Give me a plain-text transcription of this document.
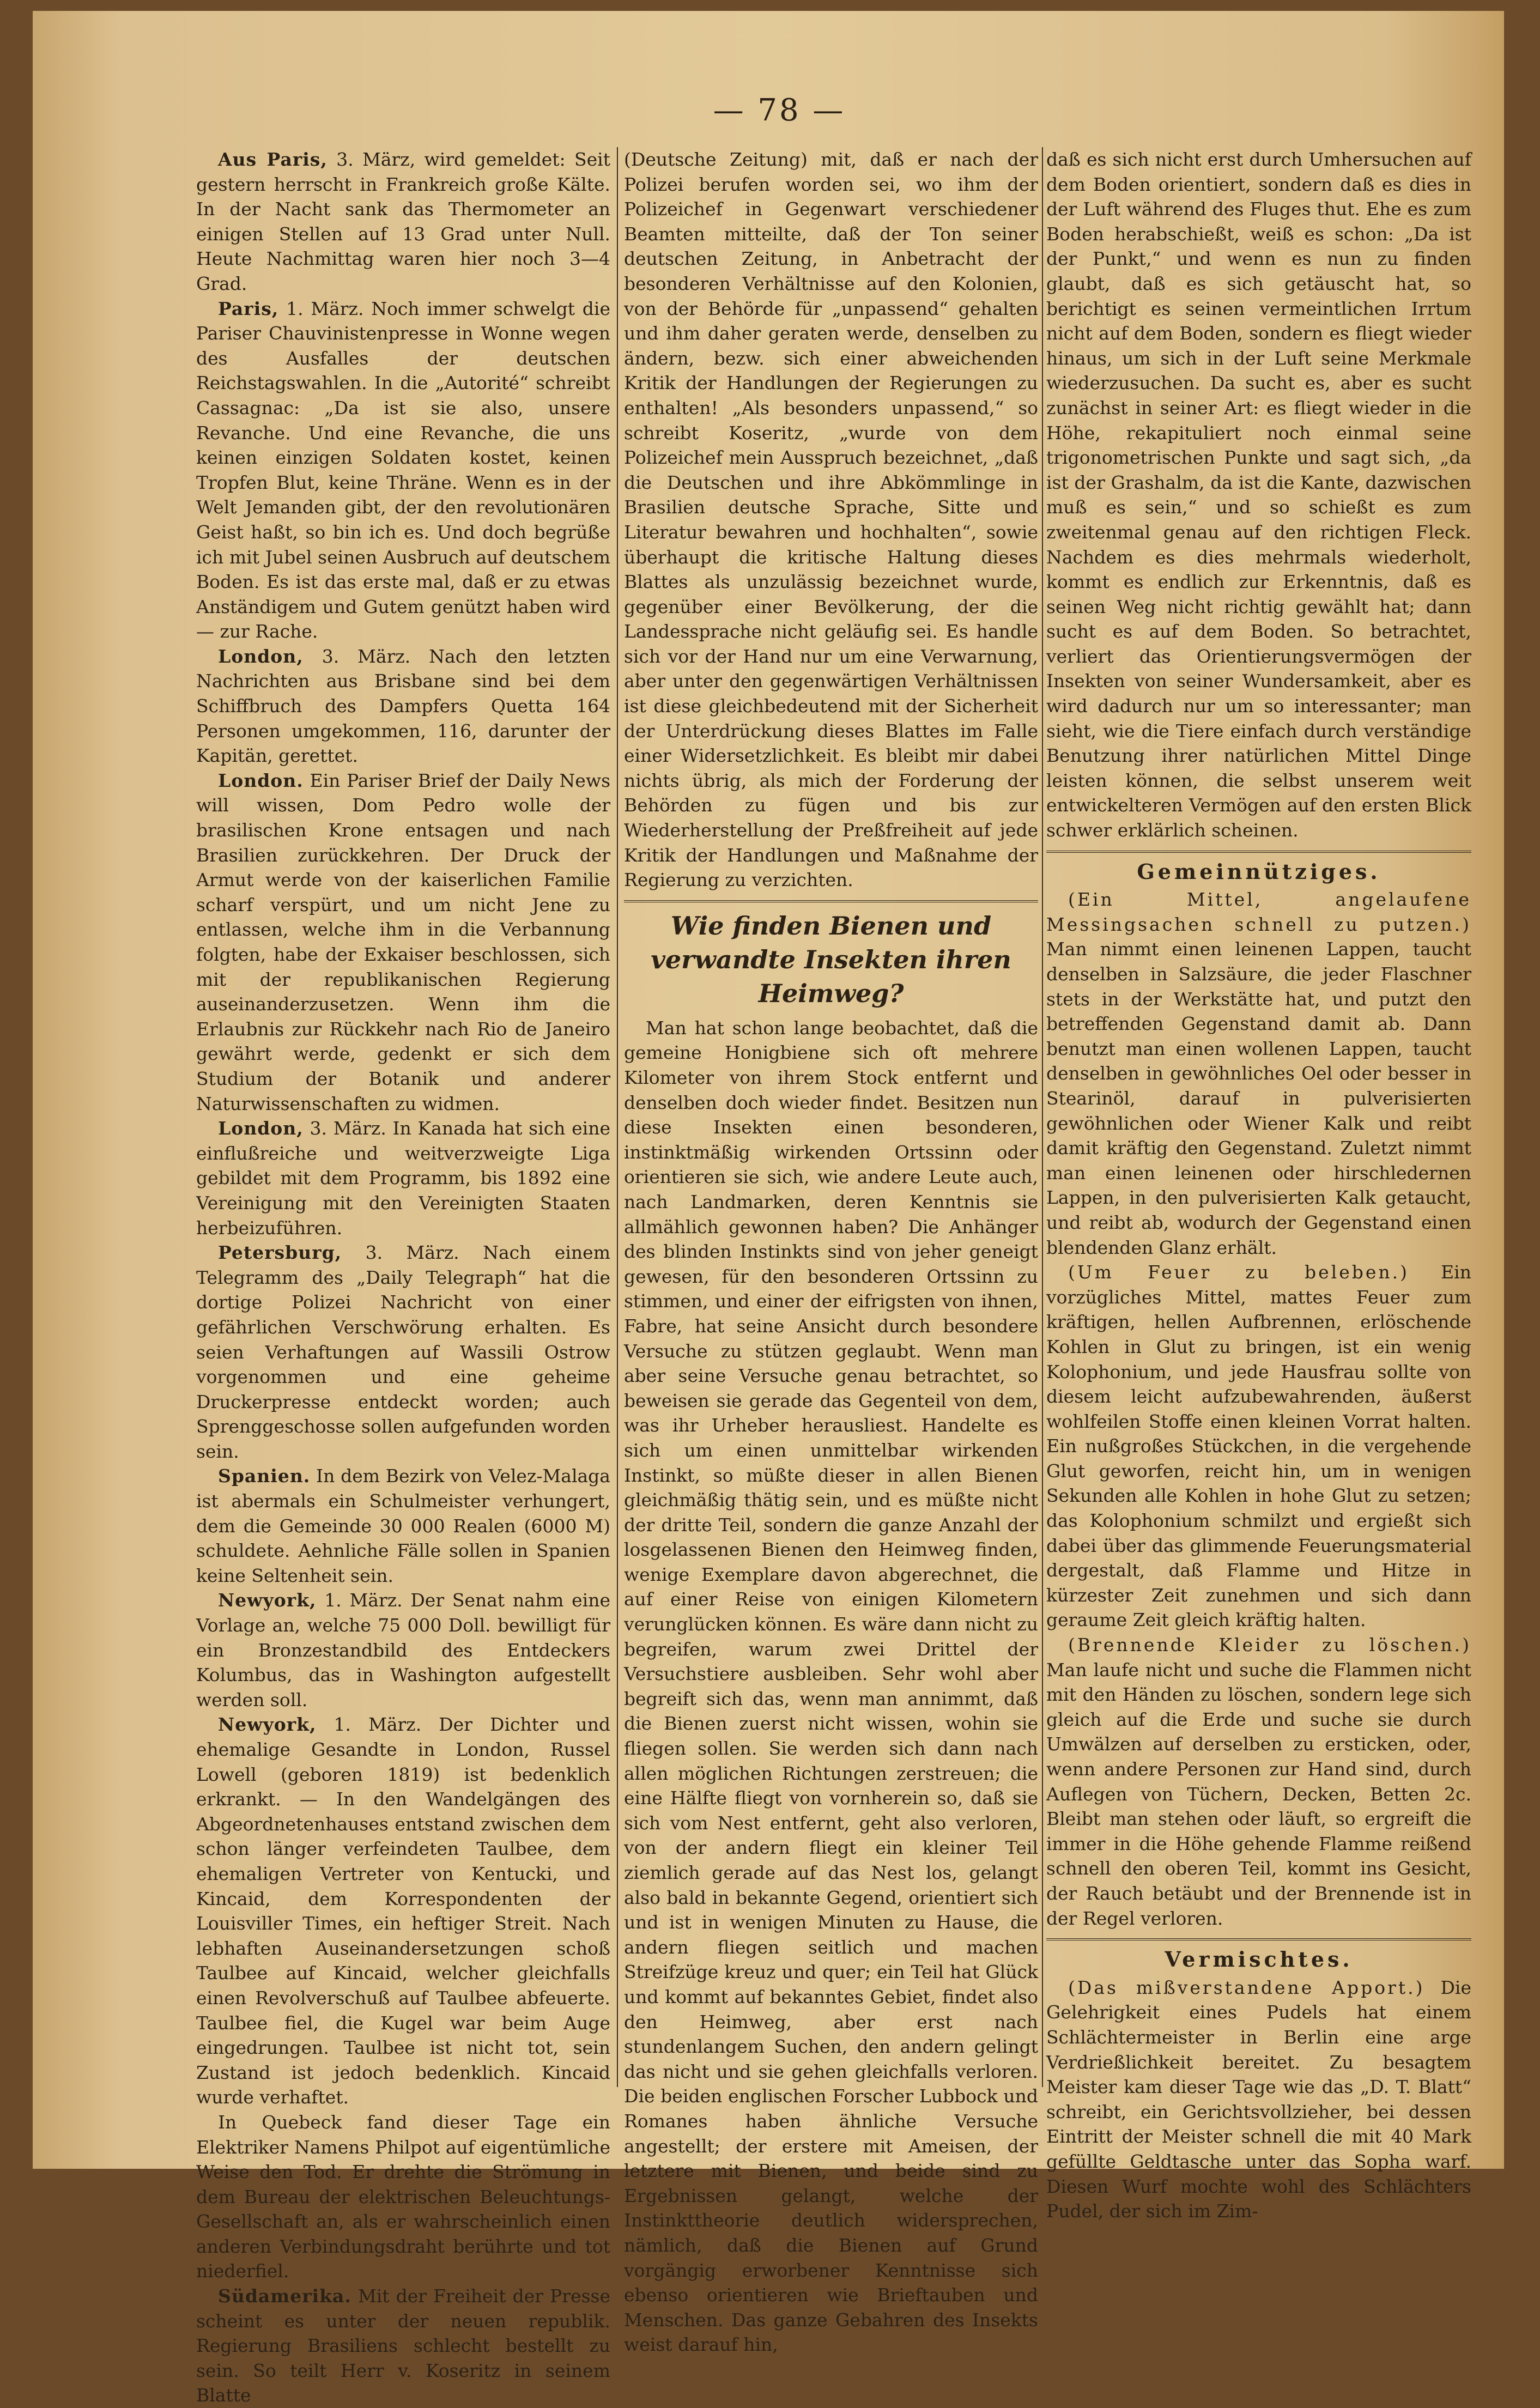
— 78 —

Aus Paris, 3. März, wird gemeldet: Seit gestern herrscht in Frankreich große Kälte. In der Nacht sank das Thermometer an einigen Stellen auf 13 Grad unter Null. Heute Nachmittag waren hier noch 3—4 Grad.

Paris, 1. März. Noch immer schwelgt die Pariser Chauvinistenpresse in Wonne wegen des Ausfalles der deutschen Reichstagswahlen. In die „Autorité“ schreibt Cassagnac: „Da ist sie also, unsere Revanche. Und eine Revanche, die uns keinen einzigen Soldaten kostet, keinen Tropfen Blut, keine Thräne. Wenn es in der Welt Jemanden gibt, der den revolutionären Geist haßt, so bin ich es. Und doch begrüße ich mit Jubel seinen Ausbruch auf deutschem Boden. Es ist das erste mal, daß er zu etwas Anständigem und Gutem genützt haben wird — zur Rache.

London, 3. März. Nach den letzten Nachrichten aus Brisbane sind bei dem Schiffbruch des Dampfers Quetta 164 Personen umgekommen, 116, darunter der Kapitän, gerettet.

London. Ein Pariser Brief der Daily News will wissen, Dom Pedro wolle der brasilischen Krone entsagen und nach Brasilien zurückkehren. Der Druck der Armut werde von der kaiserlichen Familie scharf verspürt, und um nicht Jene zu entlassen, welche ihm in die Verbannung folgten, habe der Exkaiser beschlossen, sich mit der republikanischen Regierung auseinanderzusetzen. Wenn ihm die Erlaubnis zur Rückkehr nach Rio de Janeiro gewährt werde, gedenkt er sich dem Studium der Botanik und anderer Naturwissenschaften zu widmen.

London, 3. März. In Kanada hat sich eine einflußreiche und weitverzweigte Liga gebildet mit dem Programm, bis 1892 eine Vereinigung mit den Vereinigten Staaten herbeizuführen.

Petersburg, 3. März. Nach einem Telegramm des „Daily Telegraph“ hat die dortige Polizei Nachricht von einer gefährlichen Verschwörung erhalten. Es seien Verhaftungen auf Wassili Ostrow vorgenommen und eine geheime Druckerpresse entdeckt worden; auch Sprenggeschosse sollen aufgefunden worden sein.

Spanien. In dem Bezirk von Velez-Malaga ist abermals ein Schulmeister verhungert, dem die Gemeinde 30 000 Realen (6000 M) schuldete. Aehnliche Fälle sollen in Spanien keine Seltenheit sein.

Newyork, 1. März. Der Senat nahm eine Vorlage an, welche 75 000 Doll. bewilligt für ein Bronzestandbild des Entdeckers Kolumbus, das in Washington aufgestellt werden soll.

Newyork, 1. März. Der Dichter und ehemalige Gesandte in London, Russel Lowell (geboren 1819) ist bedenklich erkrankt. — In den Wandelgängen des Abgeordnetenhauses entstand zwischen dem schon länger verfeindeten Taulbee, dem ehemaligen Vertreter von Kentucki, und Kincaid, dem Korrespondenten der Louisviller Times, ein heftiger Streit. Nach lebhaften Auseinandersetzungen schoß Taulbee auf Kincaid, welcher gleichfalls einen Revolverschuß auf Taulbee abfeuerte. Taulbee fiel, die Kugel war beim Auge eingedrungen. Taulbee ist nicht tot, sein Zustand ist jedoch bedenklich. Kincaid wurde verhaftet.

In Quebeck fand dieser Tage ein Elektriker Namens Philpot auf eigentümliche Weise den Tod. Er drehte die Strömung in dem Bureau der elektrischen Beleuchtungs-Gesellschaft an, als er wahrscheinlich einen anderen Verbindungsdraht berührte und tot niederfiel.

Südamerika. Mit der Freiheit der Presse scheint es unter der neuen republik. Regierung Brasiliens schlecht bestellt zu sein. So teilt Herr v. Koseritz in seinem Blatte

(Deutsche Zeitung) mit, daß er nach der Polizei berufen worden sei, wo ihm der Polizeichef in Gegenwart verschiedener Beamten mitteilte, daß der Ton seiner deutschen Zeitung, in Anbetracht der besonderen Verhältnisse auf den Kolonien, von der Behörde für „unpassend“ gehalten und ihm daher geraten werde, denselben zu ändern, bezw. sich einer abweichenden Kritik der Handlungen der Regierungen zu enthalten! „Als besonders unpassend,“ so schreibt Koseritz, „wurde von dem Polizeichef mein Ausspruch bezeichnet, „daß die Deutschen und ihre Abkömmlinge in Brasilien deutsche Sprache, Sitte und Literatur bewahren und hochhalten“, sowie überhaupt die kritische Haltung dieses Blattes als unzulässig bezeichnet wurde, gegenüber einer Bevölkerung, der die Landessprache nicht geläufig sei. Es handle sich vor der Hand nur um eine Verwarnung, aber unter den gegenwärtigen Verhältnissen ist diese gleichbedeutend mit der Sicherheit der Unterdrückung dieses Blattes im Falle einer Widersetzlichkeit. Es bleibt mir dabei nichts übrig, als mich der Forderung der Behörden zu fügen und bis zur Wiederherstellung der Preßfreiheit auf jede Kritik der Handlungen und Maßnahme der Regierung zu verzichten.

Wie finden Bienen und verwandte Insekten ihren Heimweg?

Man hat schon lange beobachtet, daß die gemeine Honigbiene sich oft mehrere Kilometer von ihrem Stock entfernt und denselben doch wieder findet. Besitzen nun diese Insekten einen besonderen, instinktmäßig wirkenden Ortssinn oder orientieren sie sich, wie andere Leute auch, nach Landmarken, deren Kenntnis sie allmählich gewonnen haben? Die Anhänger des blinden Instinkts sind von jeher geneigt gewesen, für den besonderen Ortssinn zu stimmen, und einer der eifrigsten von ihnen, Fabre, hat seine Ansicht durch besondere Versuche zu stützen geglaubt. Wenn man aber seine Versuche genau betrachtet, so beweisen sie gerade das Gegenteil von dem, was ihr Urheber herausliest. Handelte es sich um einen unmittelbar wirkenden Instinkt, so müßte dieser in allen Bienen gleichmäßig thätig sein, und es müßte nicht der dritte Teil, sondern die ganze Anzahl der losgelassenen Bienen den Heimweg finden, wenige Exemplare davon abgerechnet, die auf einer Reise von einigen Kilometern verunglücken können. Es wäre dann nicht zu begreifen, warum zwei Drittel der Versuchstiere ausbleiben. Sehr wohl aber begreift sich das, wenn man annimmt, daß die Bienen zuerst nicht wissen, wohin sie fliegen sollen. Sie werden sich dann nach allen möglichen Richtungen zerstreuen; die eine Hälfte fliegt von vornherein so, daß sie sich vom Nest entfernt, geht also verloren, von der andern fliegt ein kleiner Teil ziemlich gerade auf das Nest los, gelangt also bald in bekannte Gegend, orientiert sich und ist in wenigen Minuten zu Hause, die andern fliegen seitlich und machen Streifzüge kreuz und quer; ein Teil hat Glück und kommt auf bekanntes Gebiet, findet also den Heimweg, aber erst nach stundenlangem Suchen, den andern gelingt das nicht und sie gehen gleichfalls verloren. Die beiden englischen Forscher Lubbock und Romanes haben ähnliche Versuche angestellt; der erstere mit Ameisen, der letztere mit Bienen, und beide sind zu Ergebnissen gelangt, welche der Instinkttheorie deutlich widersprechen, nämlich, daß die Bienen auf Grund vorgängig erworbener Kenntnisse sich ebenso orientieren wie Brieftauben und Menschen. Das ganze Gebahren des Insekts weist darauf hin,

daß es sich nicht erst durch Umhersuchen auf dem Boden orientiert, sondern daß es dies in der Luft während des Fluges thut. Ehe es zum Boden herabschießt, weiß es schon: „Da ist der Punkt,“ und wenn es nun zu finden glaubt, daß es sich getäuscht hat, so berichtigt es seinen vermeintlichen Irrtum nicht auf dem Boden, sondern es fliegt wieder hinaus, um sich in der Luft seine Merkmale wiederzusuchen. Da sucht es, aber es sucht zunächst in seiner Art: es fliegt wieder in die Höhe, rekapituliert noch einmal seine trigonometrischen Punkte und sagt sich, „da ist der Grashalm, da ist die Kante, dazwischen muß es sein,“ und so schießt es zum zweitenmal genau auf den richtigen Fleck. Nachdem es dies mehrmals wiederholt, kommt es endlich zur Erkenntnis, daß es seinen Weg nicht richtig gewählt hat; dann sucht es auf dem Boden. So betrachtet, verliert das Orientierungsvermögen der Insekten von seiner Wundersamkeit, aber es wird dadurch nur um so interessanter; man sieht, wie die Tiere einfach durch verständige Benutzung ihrer natürlichen Mittel Dinge leisten können, die selbst unserem weit entwickelteren Vermögen auf den ersten Blick schwer erklärlich scheinen.

Gemeinnütziges.

(Ein Mittel, angelaufene Messingsachen schnell zu putzen.) Man nimmt einen leinenen Lappen, taucht denselben in Salzsäure, die jeder Flaschner stets in der Werkstätte hat, und putzt den betreffenden Gegenstand damit ab. Dann benutzt man einen wollenen Lappen, taucht denselben in gewöhnliches Oel oder besser in Stearinöl, darauf in pulverisierten gewöhnlichen oder Wiener Kalk und reibt damit kräftig den Gegenstand. Zuletzt nimmt man einen leinenen oder hirschledernen Lappen, in den pulverisierten Kalk getaucht, und reibt ab, wodurch der Gegenstand einen blendenden Glanz erhält.

(Um Feuer zu beleben.) Ein vorzügliches Mittel, mattes Feuer zum kräftigen, hellen Aufbrennen, erlöschende Kohlen in Glut zu bringen, ist ein wenig Kolophonium, und jede Hausfrau sollte von diesem leicht aufzubewahrenden, äußerst wohlfeilen Stoffe einen kleinen Vorrat halten. Ein nußgroßes Stückchen, in die vergehende Glut geworfen, reicht hin, um in wenigen Sekunden alle Kohlen in hohe Glut zu setzen; das Kolophonium schmilzt und ergießt sich dabei über das glimmende Feuerungsmaterial dergestalt, daß Flamme und Hitze in kürzester Zeit zunehmen und sich dann geraume Zeit gleich kräftig halten.

(Brennende Kleider zu löschen.) Man laufe nicht und suche die Flammen nicht mit den Händen zu löschen, sondern lege sich gleich auf die Erde und suche sie durch Umwälzen auf derselben zu ersticken, oder, wenn andere Personen zur Hand sind, durch Auflegen von Tüchern, Decken, Betten 2c. Bleibt man stehen oder läuft, so ergreift die immer in die Höhe gehende Flamme reißend schnell den oberen Teil, kommt ins Gesicht, der Rauch betäubt und der Brennende ist in der Regel verloren.

Vermischtes.

(Das mißverstandene Apport.) Die Gelehrigkeit eines Pudels hat einem Schlächtermeister in Berlin eine arge Verdrießlichkeit bereitet. Zu besagtem Meister kam dieser Tage wie das „D. T. Blatt“ schreibt, ein Gerichtsvollzieher, bei dessen Eintritt der Meister schnell die mit 40 Mark gefüllte Geldtasche unter das Sopha warf. Diesen Wurf mochte wohl des Schlächters Pudel, der sich im Zim-
